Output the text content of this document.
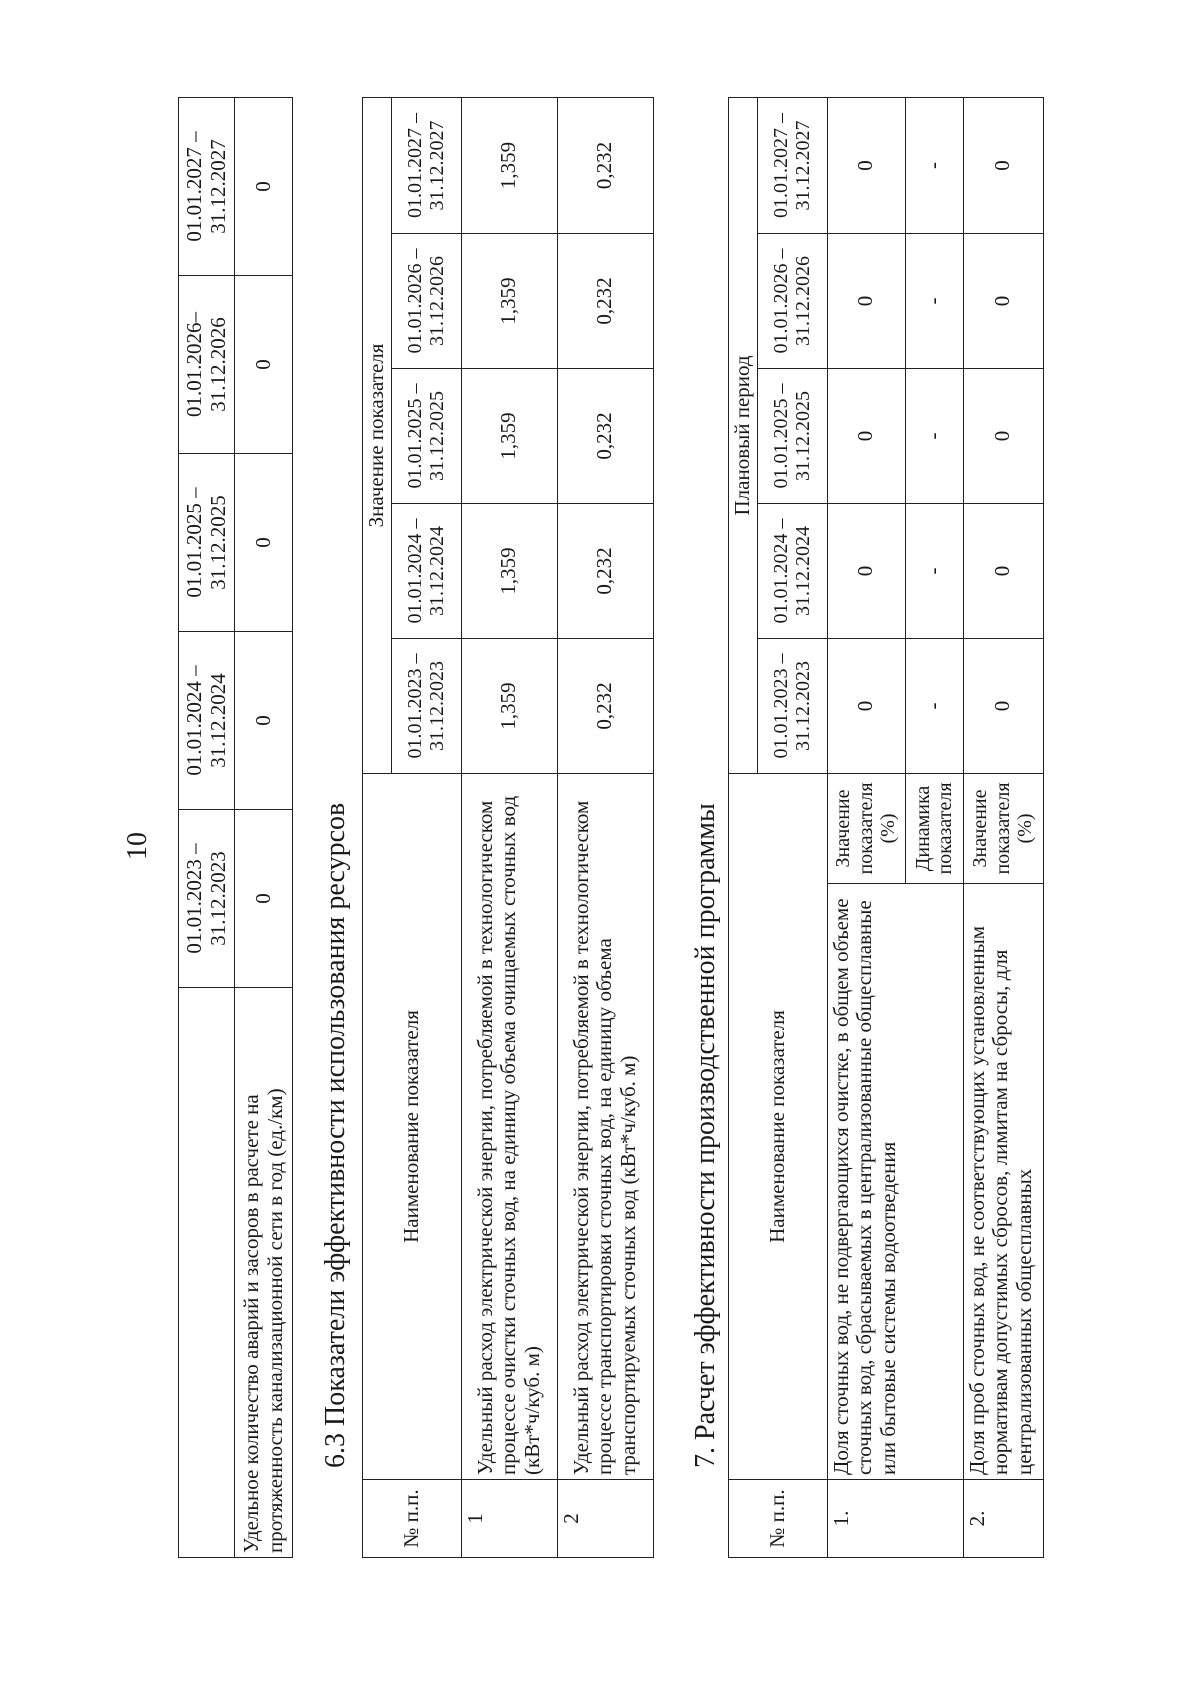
10
	01.01.2023 – 31.12.2023	01.01.2024 – 31.12.2024	01.01.2025 – 31.12.2025	01.01.2026– 31.12.2026	01.01.2027 – 31.12.2027
Удельное количество аварий и засоров в расчете на протяженность канализационной сети в год (ед./км)	0	0	0	0	0
6.3 Показатели эффективности использования ресурсов
№ п.п.	Наименование показателя	Значение показателя				
		01.01.2023 – 31.12.2023	01.01.2024 – 31.12.2024	01.01.2025 – 31.12.2025	01.01.2026 – 31.12.2026	01.01.2027 – 31.12.2027
1	Удельный расход электрической энергии, потребляемой в технологическом процессе очистки сточных вод, на единицу объема очищаемых сточных вод (кВт*ч/куб. м)	1,359	1,359	1,359	1,359	1,359
2	Удельный расход электрической энергии, потребляемой в технологическом процессе транспортировки сточных вод, на единицу объема транспортируемых сточных вод (кВт*ч/куб. м)	0,232	0,232	0,232	0,232	0,232
7. Расчет эффективности производственной программы
№ п.п.	Наименование показателя		Плановый период				
			01.01.2023 – 31.12.2023	01.01.2024 – 31.12.2024	01.01.2025 – 31.12.2025	01.01.2026 – 31.12.2026	01.01.2027 – 31.12.2027
1.	Доля сточных вод, не подвергающихся очистке, в общем объеме сточных вод, сбрасываемых в централизованные общесплавные или бытовые системы водоотведения	Значение показателя (%)	0	0	0	0	0
		Динамика показателя	-	-	-	-	-
2.	Доля проб сточных вод, не соответствующих установленным нормативам допустимых сбросов, лимитам на сбросы, для централизованных общесплавных	Значение показателя (%)	0	0	0	0	0
